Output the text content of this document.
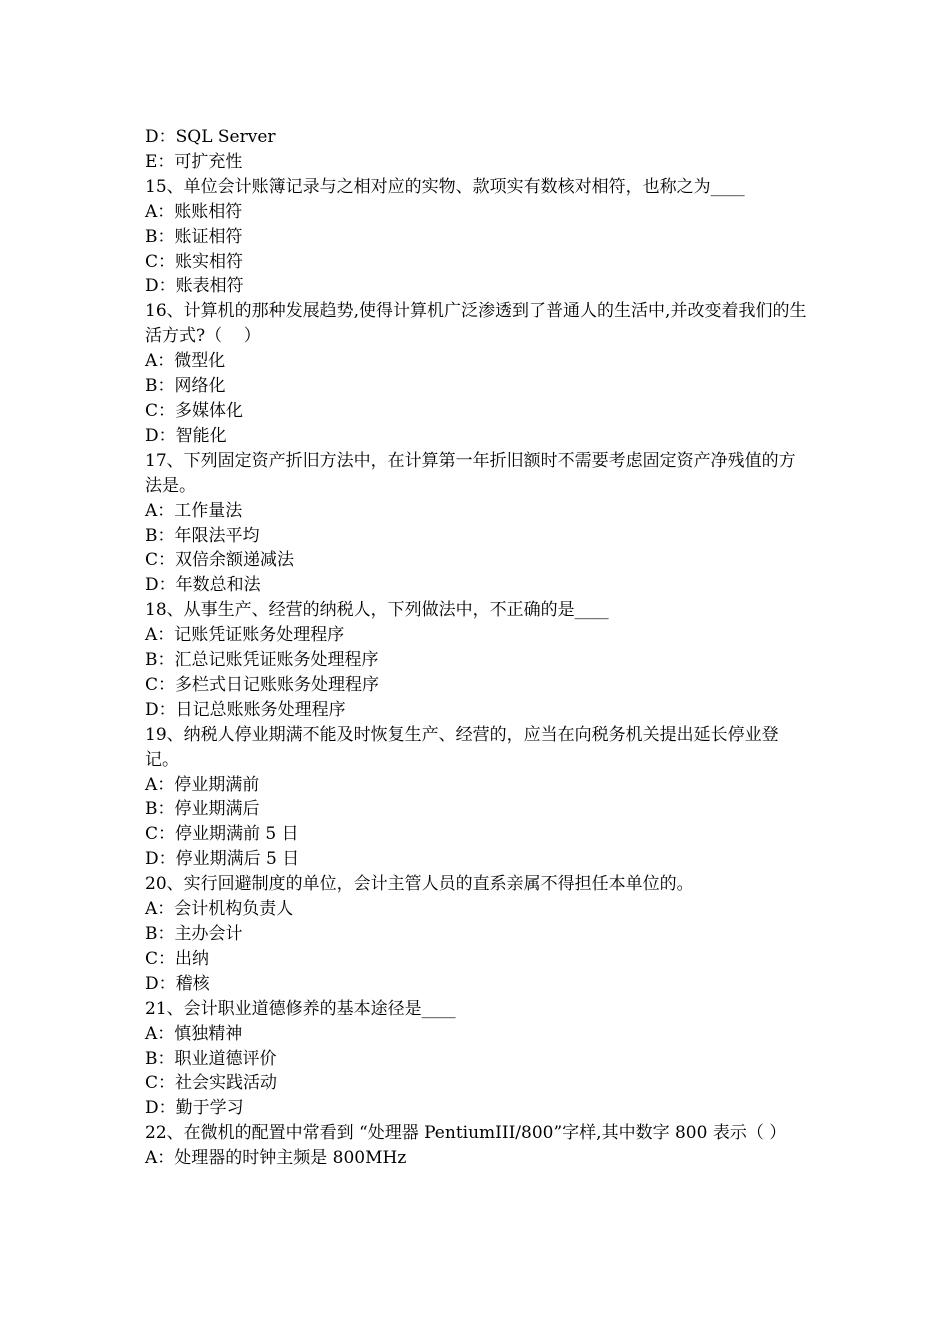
D：SQL Server
E：可扩充性
15、单位会计账簿记录与之相对应的实物、款项实有数核对相符，也称之为____
A：账账相符
B：账证相符
C：账实相符
D：账表相符
16、计算机的那种发展趋势,使得计算机广泛渗透到了普通人的生活中,并改变着我们的生活方式?（    ）
A：微型化
B：网络化
C：多媒体化
D：智能化
17、下列固定资产折旧方法中，在计算第一年折旧额时不需要考虑固定资产净残值的方法是。
A：工作量法
B：年限法平均
C：双倍余额递减法
D：年数总和法
18、从事生产、经营的纳税人，下列做法中，不正确的是____
A：记账凭证账务处理程序
B：汇总记账凭证账务处理程序
C：多栏式日记账账务处理程序
D：日记总账账务处理程序
19、纳税人停业期满不能及时恢复生产、经营的，应当在向税务机关提出延长停业登记。
A：停业期满前
B：停业期满后
C：停业期满前 5 日
D：停业期满后 5 日
20、实行回避制度的单位，会计主管人员的直系亲属不得担任本单位的。
A：会计机构负责人
B：主办会计
C：出纳
D：稽核
21、会计职业道德修养的基本途径是____
A：慎独精神
B：职业道德评价
C：社会实践活动
D：勤于学习
22、在微机的配置中常看到 “处理器 PentiumIII/800”字样,其中数字 800 表示（ ）
A：处理器的时钟主频是 800MHz
